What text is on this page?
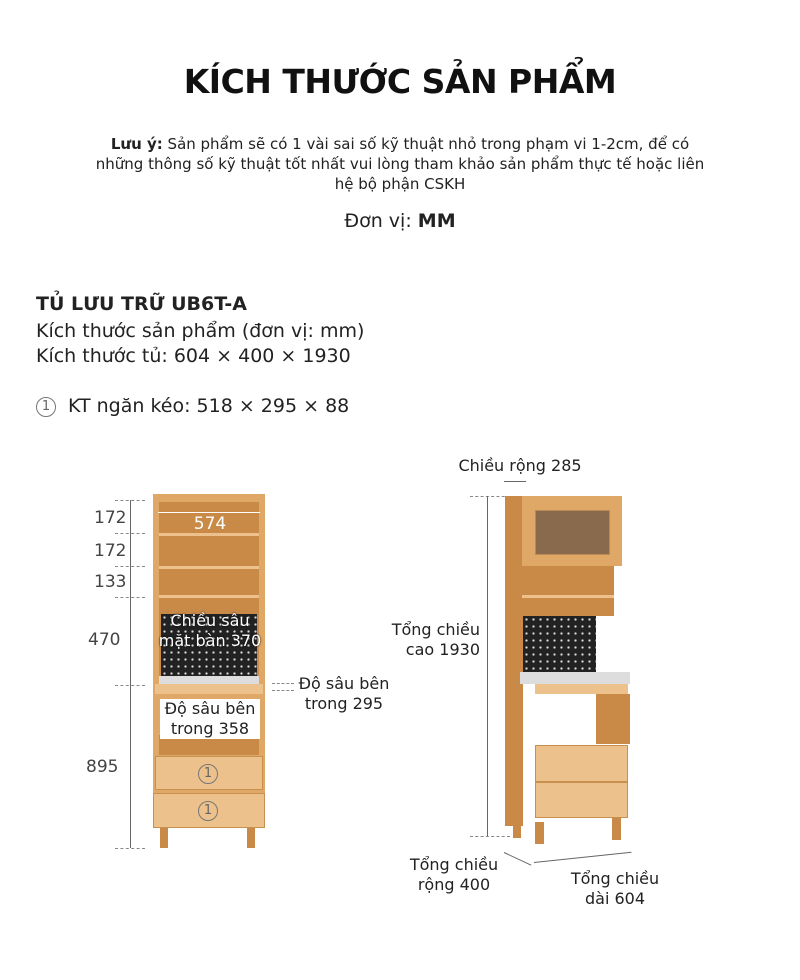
KÍCH THƯỚC SẢN PHẨM
Lưu ý: Sản phẩm sẽ có 1 vài sai số kỹ thuật nhỏ trong phạm vi 1-2cm, để có những thông số kỹ thuật tốt nhất vui lòng tham khảo sản phẩm thực tế hoặc liên hệ bộ phận CSKH
Đơn vị: MM
TỦ LƯU TRỮ UB6T-A
Kích thước sản phẩm (đơn vị: mm)
Kích thước tủ: 604 × 400 × 1930
1 KT ngăn kéo: 518 × 295 × 88
172
172
133
470
895	1
1
574
Chiều sâu mặt bàn 370
Độ sâu bên trong 358
Độ sâu bên trong 295
Chiều rộng 285
Tổng chiều cao 1930
Tổng chiều rộng 400	Tổng chiều dài 604
